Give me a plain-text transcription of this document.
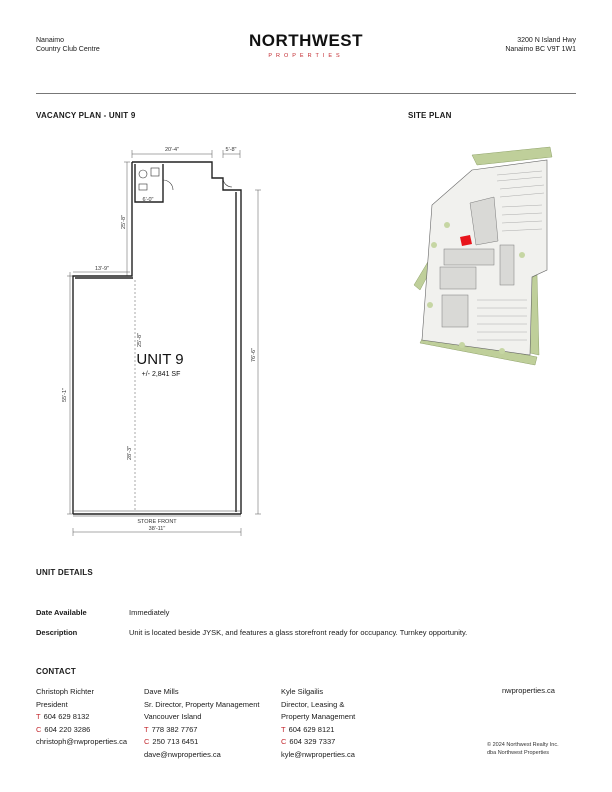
Nanaimo
Country Club Centre	NORTHWEST
PROPERTIES
3200 N Island Hwy
Nanaimo BC V9T 1W1
VACANCY PLAN - UNIT 9	SITE PLAN
20'-4"	5'-8"
6'-0"
25'-8"
13'-9"
55'-1"
25'-8"
28'-3"
76'-6"
STORE FRONT
38'-11"
UNIT 9
+/- 2,841 SF
UNIT DETAILS
Date Available	Immediately
Description	Unit is located beside JYSK, and features a glass storefront ready for occupancy. Turnkey opportunity.
CONTACT
Christoph Richter
President
T 604 629 8132
C 604 220 3286
christoph@nwproperties.ca
Dave Mills
Sr. Director, Property Management
Vancouver Island
T 778 382 7767
C 250 713 6451
dave@nwproperties.ca
Kyle Silgailis
Director, Leasing &
Property Management
T 604 629 8121
C 604 329 7337
kyle@nwproperties.ca
nwproperties.ca
© 2024 Northwest Realty Inc.
dba Northwest Properties
